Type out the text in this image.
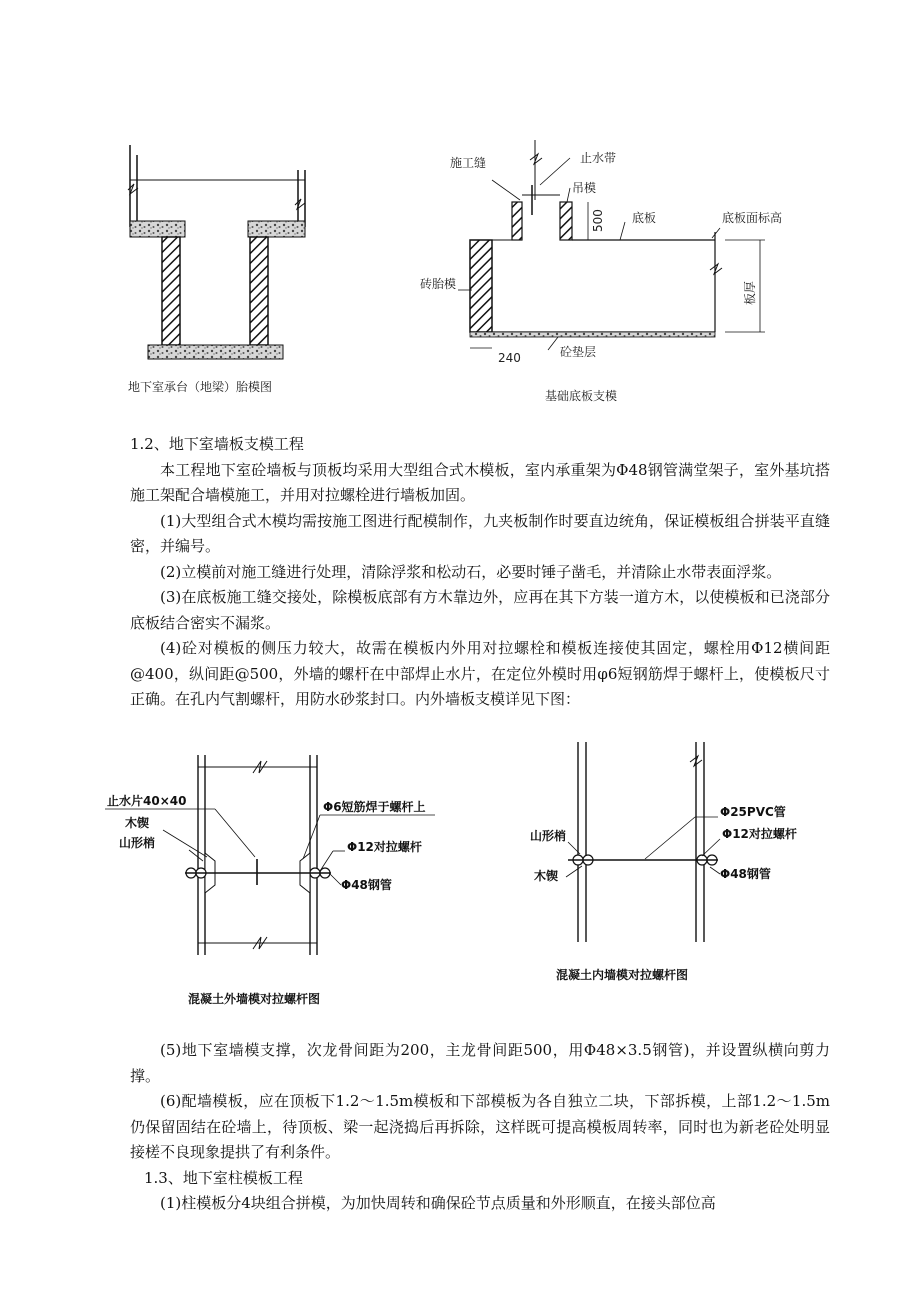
地下室承台（地梁）胎模图
施工缝	止水带
吊模
500 底板	底板面标高
砖胎模	板厚
240	砼垫层
基础底板支模

1.2、地下室墙板支模工程

本工程地下室砼墙板与顶板均采用大型组合式木模板，室内承重架为Φ48钢管满堂架子，室外基坑搭施工架配合墙模施工，并用对拉螺栓进行墙板加固。

(1)大型组合式木模均需按施工图进行配模制作，九夹板制作时要直边统角，保证模板组合拼装平直缝密，并编号。

(2)立模前对施工缝进行处理，清除浮浆和松动石，必要时锤子凿毛，并清除止水带表面浮浆。

(3)在底板施工缝交接处，除模板底部有方木靠边外，应再在其下方装一道方木，以使模板和已浇部分底板结合密实不漏浆。

(4)砼对模板的侧压力较大，故需在模板内外用对拉螺栓和模板连接使其固定，螺栓用Φ12横间距@400，纵间距@500，外墙的螺杆在中部焊止水片，在定位外模时用φ6短钢筋焊于螺杆上，使模板尺寸正确。在孔内气割螺杆，用防水砂浆封口。内外墙板支模详见下图：

止水片40×40	Φ6短筋焊于螺杆上
木锲
山形梢	Φ12对拉螺杆
Φ48钢管
混凝土外墙模对拉螺杆图
Φ25PVC管
山形梢	Φ12对拉螺杆
木锲	Φ48钢管
混凝土内墙模对拉螺杆图

(5)地下室墙模支撑，次龙骨间距为200，主龙骨间距500，用Φ48×3.5钢管)，并设置纵横向剪力撑。

(6)配墙模板，应在顶板下1.2～1.5m模板和下部模板为各自独立二块，下部拆模，上部1.2～1.5m仍保留固结在砼墙上，待顶板、梁一起浇捣后再拆除，这样既可提高模板周转率，同时也为新老砼处明显接槎不良现象提拱了有利条件。

1.3、地下室柱模板工程

(1)柱模板分4块组合拼模，为加快周转和确保砼节点质量和外形顺直，在接头部位高
